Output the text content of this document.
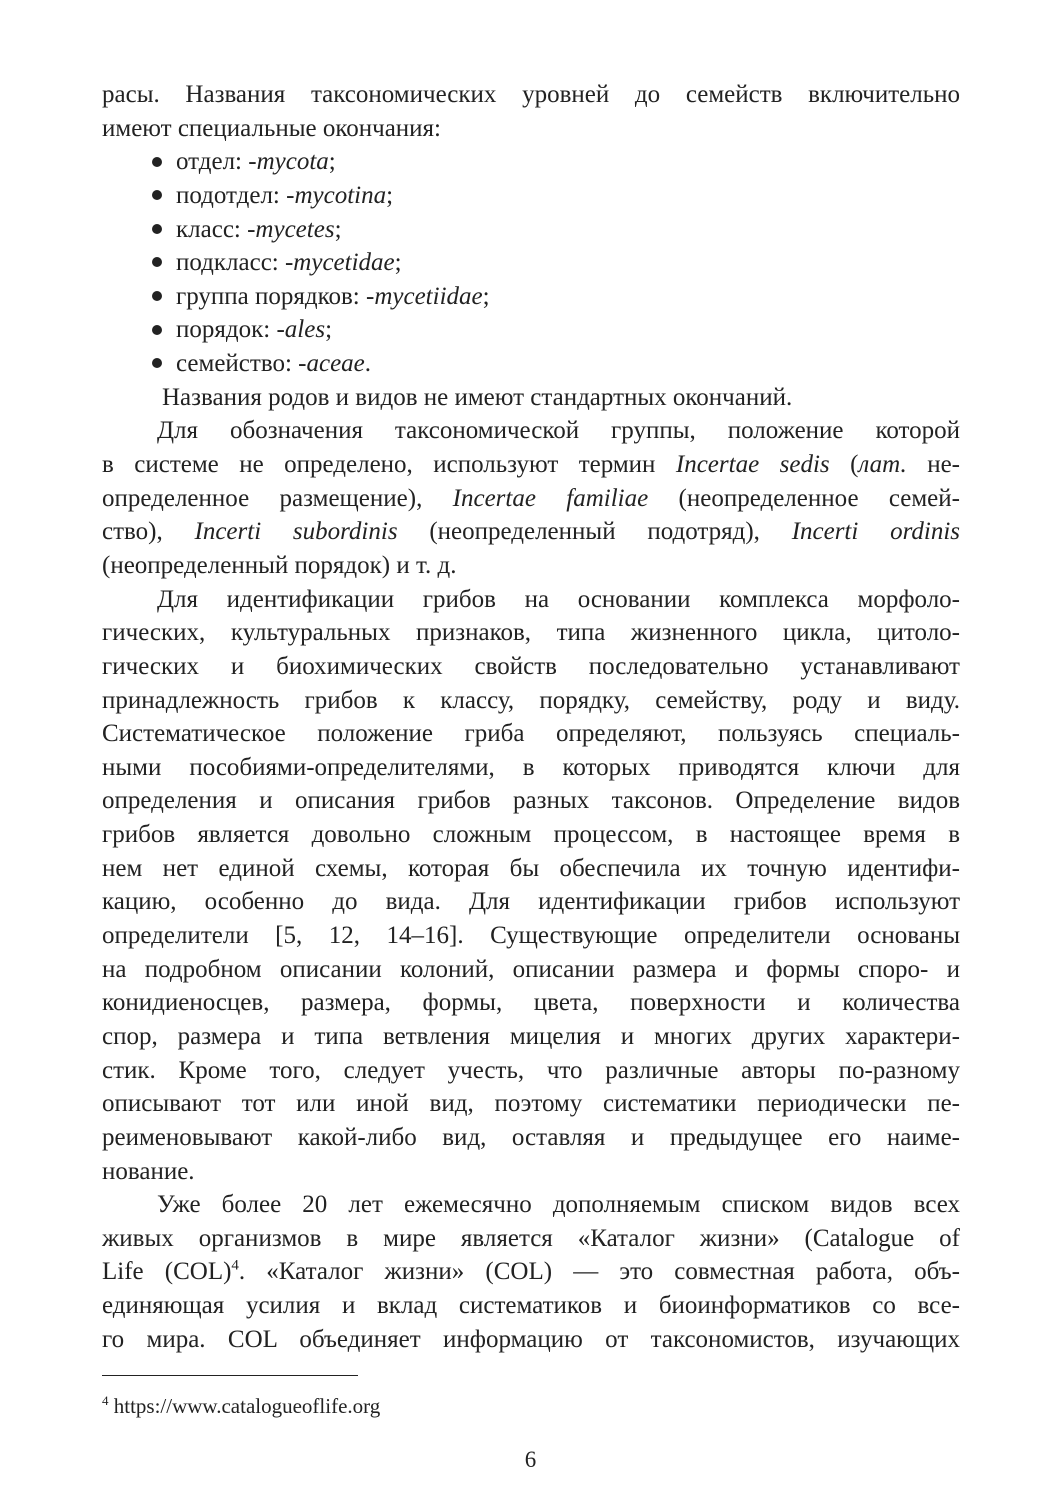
расы. Названия таксономических уровней до семейств включительно
имеют специальные окончания:
отдел: -mycota;
подотдел: -mycotina;
класс: -mycetes;
подкласс: -mycetidae;
группа порядков: -mycetiidae;
порядок: -ales;
семейство: -aceae.
Названия родов и видов не имеют стандартных окончаний.
Для обозначения таксономической группы, положение которой
в системе не определено, используют термин Incertae sedis (лат. не-
определенное размещение), Incertae familiae (неопределенное семей-
ство), Incerti subordinis (неопределенный подотряд), Incerti ordinis
(неопределенный порядок) и т. д.
Для идентификации грибов на основании комплекса морфоло-
гических, культуральных признаков, типа жизненного цикла, цитоло-
гических и биохимических свойств последовательно устанавливают
принадлежность грибов к классу, порядку, семейству, роду и виду.
Систематическое положение гриба определяют, пользуясь специаль-
ными пособиями-определителями, в которых приводятся ключи для
определения и описания грибов разных таксонов. Определение видов
грибов является довольно сложным процессом, в настоящее время в
нем нет единой схемы, которая бы обеспечила их точную идентифи-
кацию, особенно до вида. Для идентификации грибов используют
определители [5, 12, 14–16]. Существующие определители основаны
на подробном описании колоний, описании размера и формы споро- и
конидиеносцев, размера, формы, цвета, поверхности и количества
спор, размера и типа ветвления мицелия и многих других характери-
стик. Кроме того, следует учесть, что различные авторы по-разному
описывают тот или иной вид, поэтому систематики периодически пе-
реименовывают какой-либо вид, оставляя и предыдущее его наиме-
нование.
Уже более 20 лет ежемесячно дополняемым списком видов всех
живых организмов в мире является «Каталог жизни» (Catalogue of
Life (COL)$^4$. «Каталог жизни» (COL) — это совместная работа, объ-
единяющая усилия и вклад систематиков и биоинформатиков со все-
го мира. COL объединяет информацию от таксономистов, изучающих
$^4$ https://www.catalogueoflife.org
6
